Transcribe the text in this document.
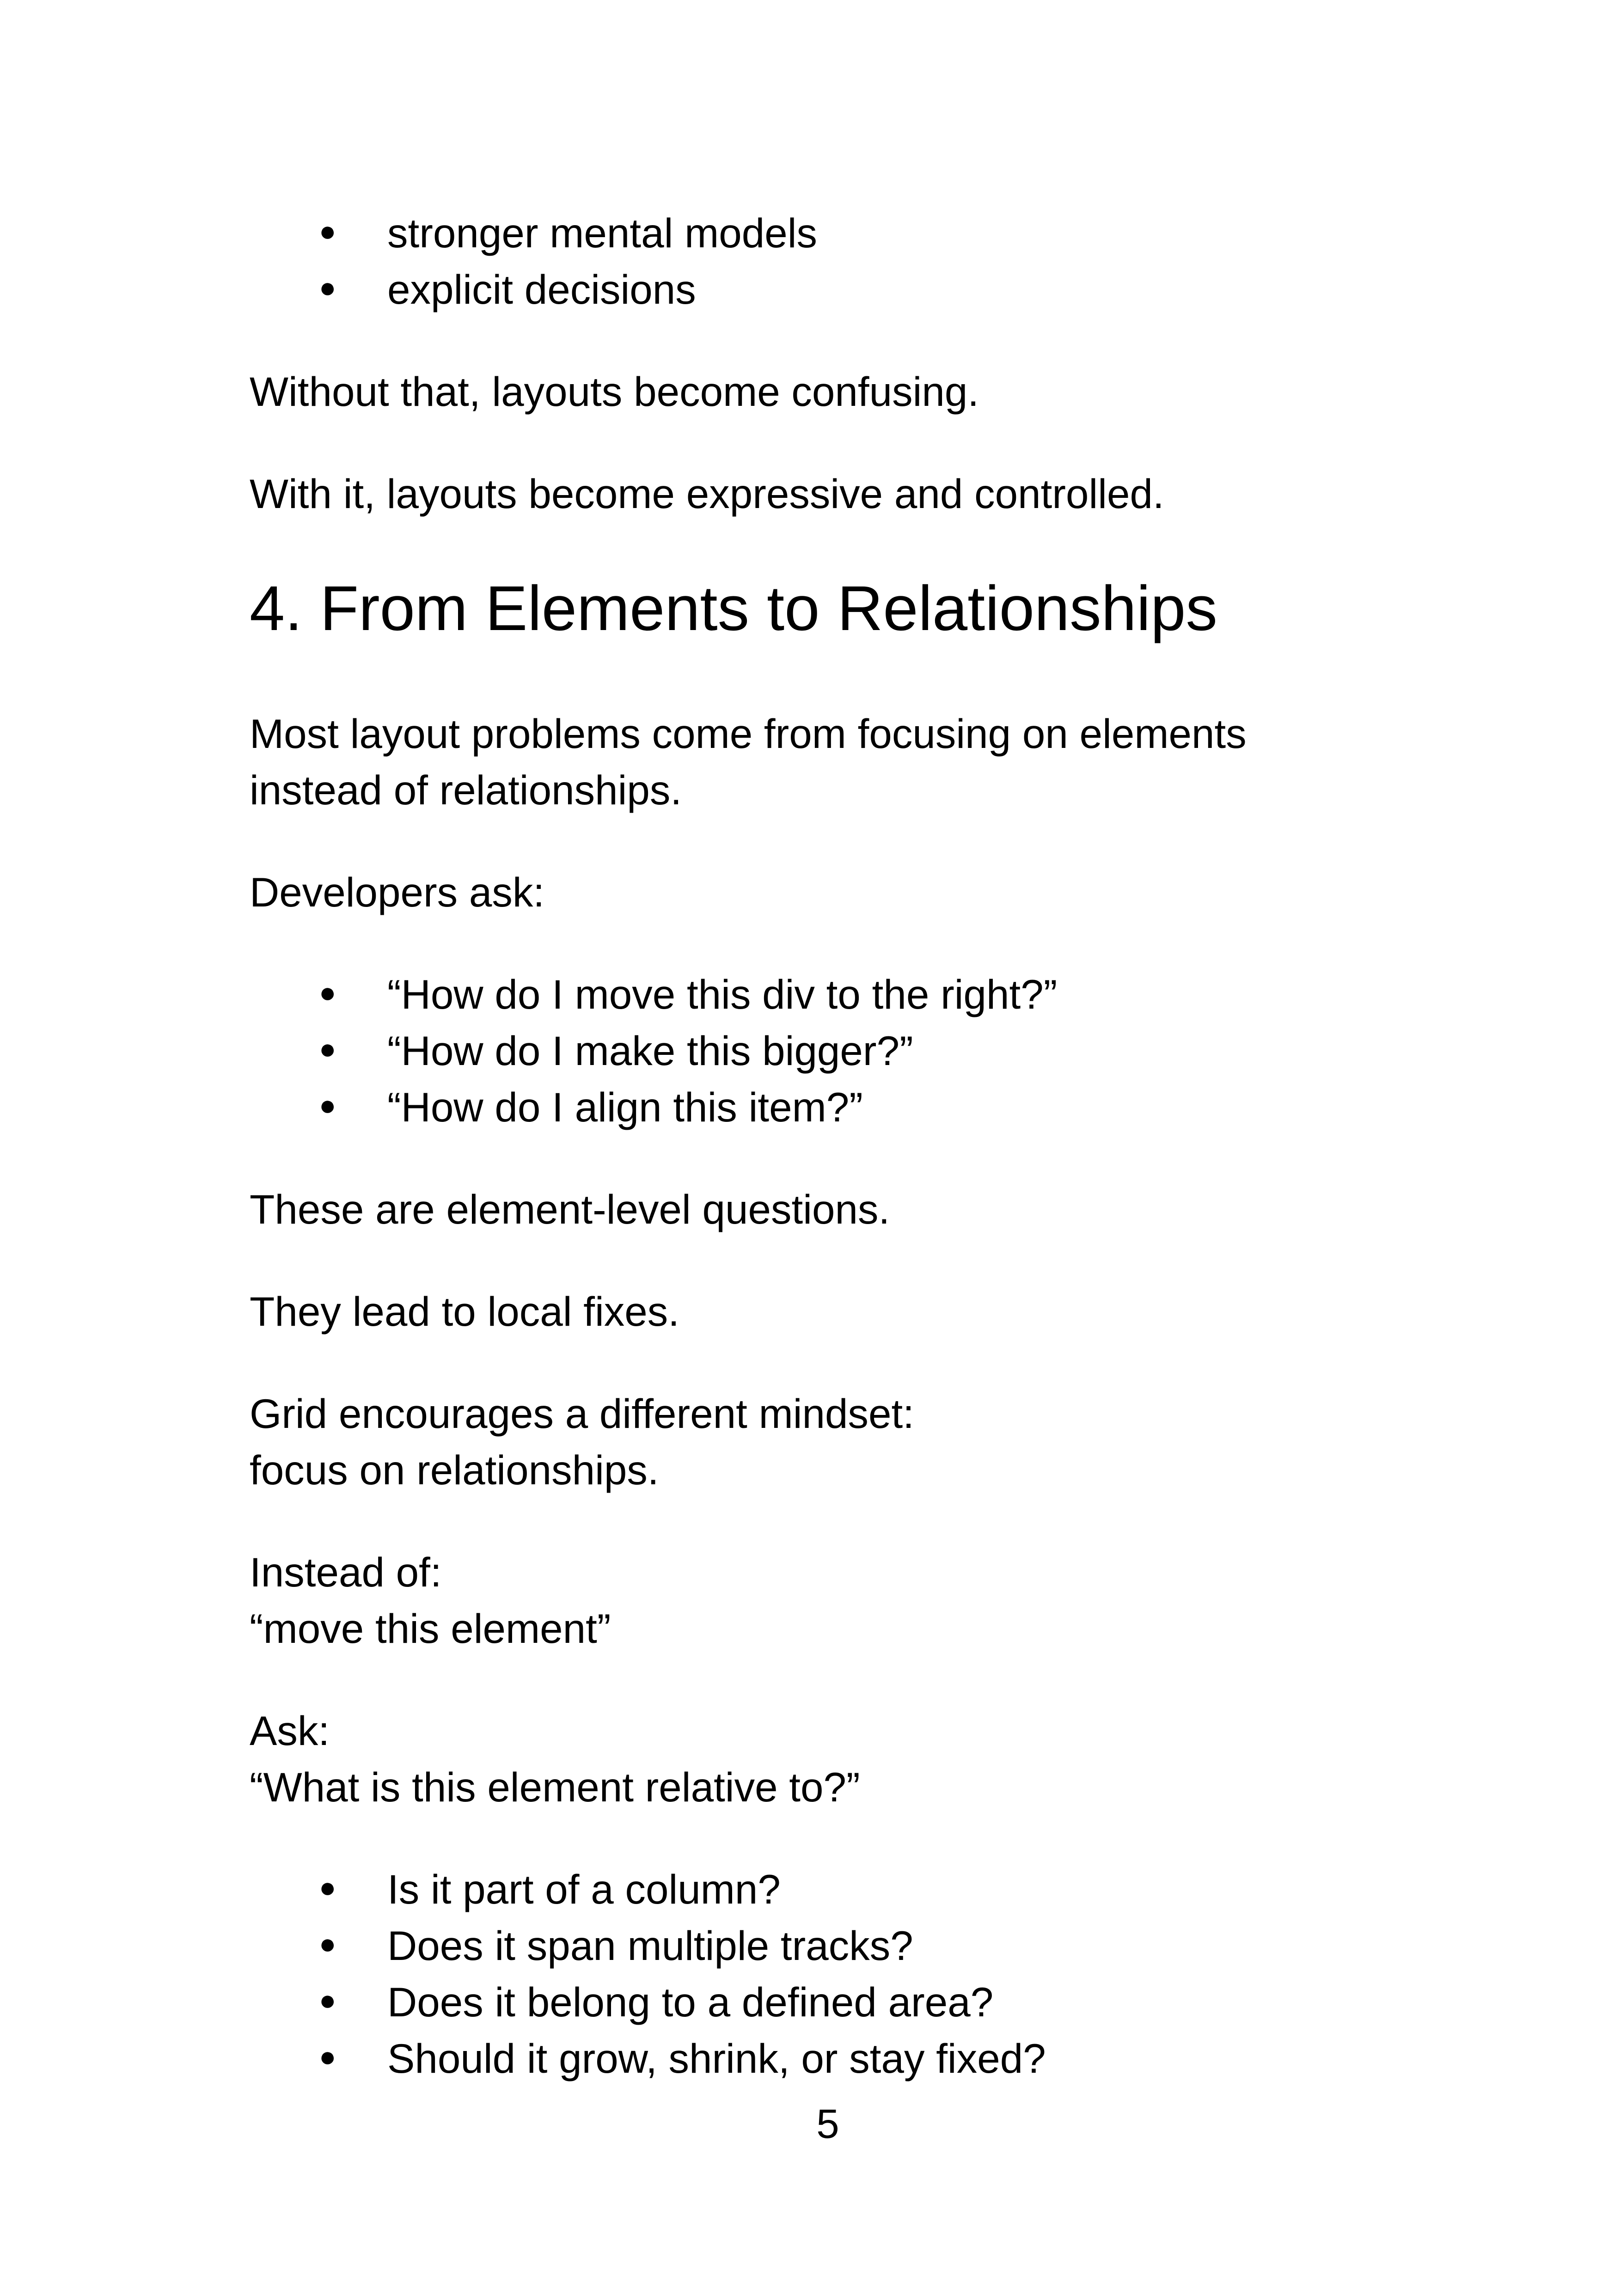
● stronger mental models
● explicit decisions

Without that, layouts become confusing.

With it, layouts become expressive and controlled.

4. From Elements to Relationships

Most layout problems come from focusing on elements

instead of relationships.

Developers ask:

● “How do I move this div to the right?”
● “How do I make this bigger?”
● “How do I align this item?”

These are element-level questions.

They lead to local fixes.

Grid encourages a different mindset:

focus on relationships.

Instead of:

“move this element”

Ask:

“What is this element relative to?”

● Is it part of a column?
● Does it span multiple tracks?
● Does it belong to a defined area?
● Should it grow, shrink, or stay fixed?
5
